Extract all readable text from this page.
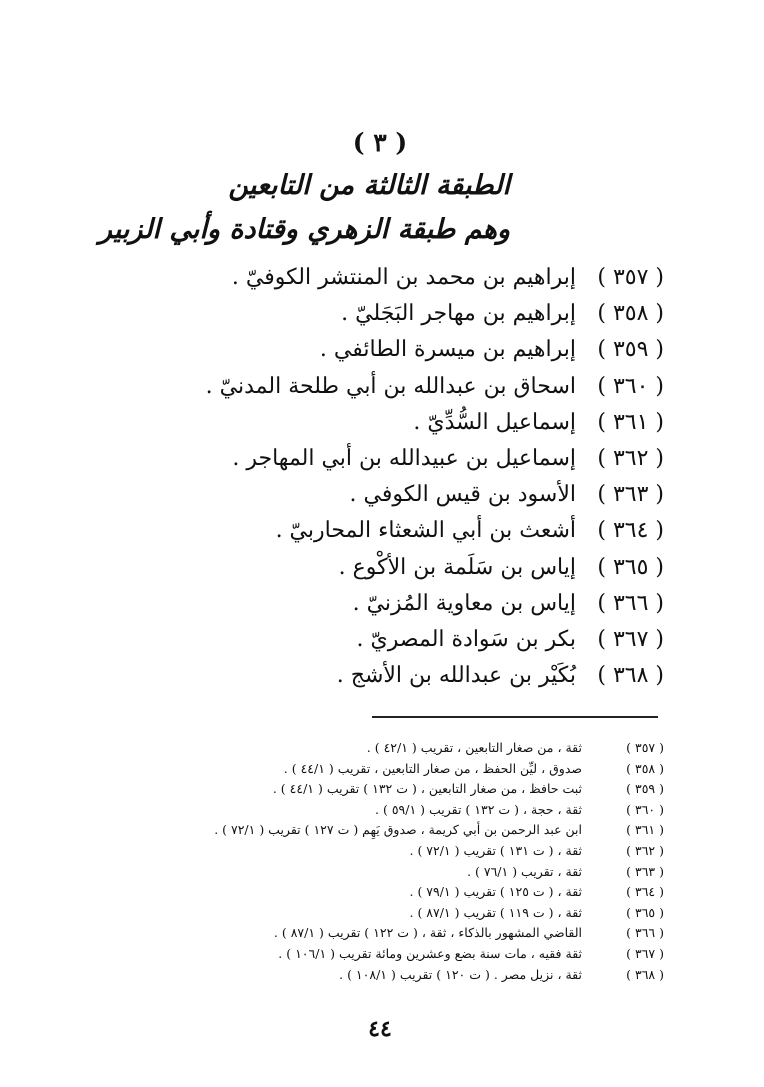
( ٣ )
الطبقة الثالثة من التابعين
وهم طبقة الزهري وقتادة وأبي الزبير
( ٣٥٧ )إبراهيم بن محمد بن المنتشر الكوفيّ .
( ٣٥٨ )إبراهيم بن مهاجر البَجَليّ .
( ٣٥٩ )إبراهيم بن ميسرة الطائفي .
( ٣٦٠ )اسحاق بن عبدالله بن أبي طلحة المدنيّ .
( ٣٦١ )إسماعيل السُّدِّيّ .
( ٣٦٢ )إسماعيل بن عبيدالله بن أبي المهاجر .
( ٣٦٣ )الأسود بن قيس الكوفي .
( ٣٦٤ )أشعث بن أبي الشعثاء المحاربيّ .
( ٣٦٥ )إياس بن سَلَمة بن الأكْوع .
( ٣٦٦ )إياس بن معاوية المُزنيّ .
( ٣٦٧ )بكر بن سَوادة المصريّ .
( ٣٦٨ )بُكَيْر بن عبدالله بن الأشج .
( ٣٥٧ )ثقة ، من صغار التابعين ، تقريب ( ٤٢/١ ) .
( ٣٥٨ )صدوق ، ليِّن الحفظ ، من صغار التابعين ، تقريب ( ٤٤/١ ) .
( ٣٥٩ )ثبت حافظ ، من صغار التابعين ، ( ت ١٣٢ ) تقريب ( ٤٤/١ ) .
( ٣٦٠ )ثقة ، حجة ، ( ت ١٣٢ ) تقريب ( ٥٩/١ ) .
( ٣٦١ )ابن عبد الرحمن بن أبي كريمة ، صدوق يَهِم ( ت ١٢٧ ) تقريب ( ٧٢/١ ) .
( ٣٦٢ )ثقة ، ( ت ١٣١ ) تقريب ( ٧٢/١ ) .
( ٣٦٣ )ثقة ، تقريب ( ٧٦/١ ) .
( ٣٦٤ )ثقة ، ( ت ١٢٥ ) تقريب ( ٧٩/١ ) .
( ٣٦٥ )ثقة ، ( ت ١١٩ ) تقريب ( ٨٧/١ ) .
( ٣٦٦ )القاضي المشهور بالذكاء ، ثقة ، ( ت ١٢٢ ) تقريب ( ٨٧/١ ) .
( ٣٦٧ )ثقة فقيه ، مات سنة بضع وعشرين ومائة تقريب ( ١٠٦/١ ) .
( ٣٦٨ )ثقة ، نزيل مصر . ( ت ١٢٠ ) تقريب ( ١٠٨/١ ) .
٤٤
